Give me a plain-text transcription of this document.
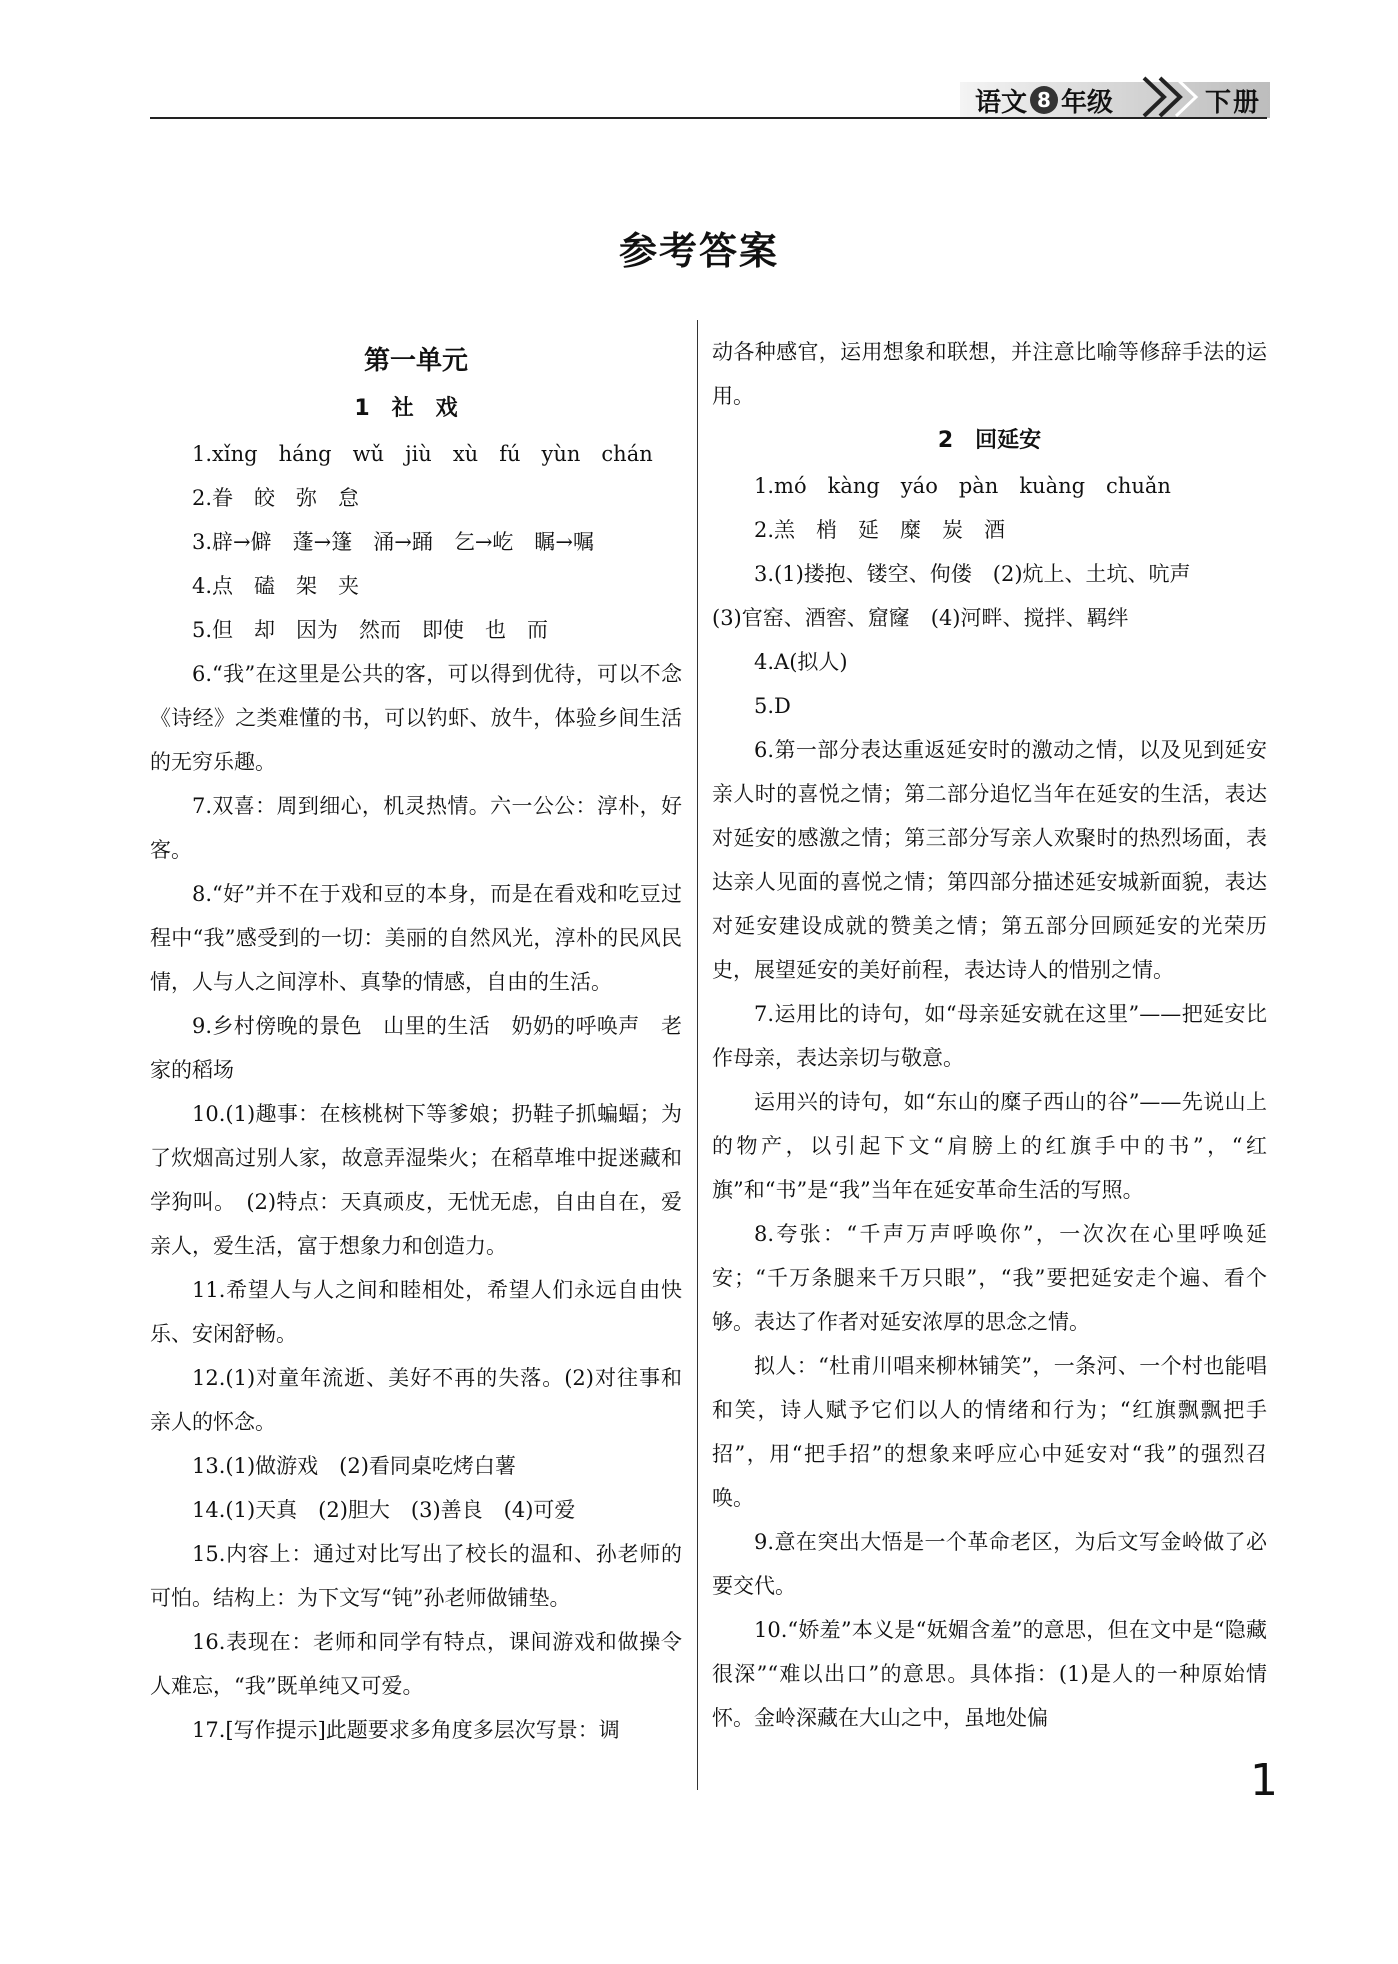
语文 8 年级	下册
参考答案
第一单元
1　社　戏

1.xǐng　háng　wǔ　jiù　xù　fú　yùn　chán

2.眷　皎　弥　怠

3.辟→僻　蓬→篷　涌→踊　乞→屹　瞩→嘱

4.点　磕　架　夹

5.但　却　因为　然而　即使　也　而

6.“我”在这里是公共的客，可以得到优待，可以不念《诗经》之类难懂的书，可以钓虾、放牛，体验乡间生活的无穷乐趣。

7.双喜：周到细心，机灵热情。六一公公：淳朴，好客。

8.“好”并不在于戏和豆的本身，而是在看戏和吃豆过程中“我”感受到的一切：美丽的自然风光，淳朴的民风民情，人与人之间淳朴、真挚的情感，自由的生活。

9.乡村傍晚的景色　山里的生活　奶奶的呼唤声　老家的稻场

10.(1)趣事：在核桃树下等爹娘；扔鞋子抓蝙蝠；为了炊烟高过别人家，故意弄湿柴火；在稻草堆中捉迷藏和学狗叫。　(2)特点：天真顽皮，无忧无虑，自由自在，爱亲人，爱生活，富于想象力和创造力。

11.希望人与人之间和睦相处，希望人们永远自由快乐、安闲舒畅。

12.(1)对童年流逝、美好不再的失落。(2)对往事和亲人的怀念。

13.(1)做游戏　(2)看同桌吃烤白薯

14.(1)天真　(2)胆大　(3)善良　(4)可爱

15.内容上：通过对比写出了校长的温和、孙老师的可怕。结构上：为下文写“钝”孙老师做铺垫。

16.表现在：老师和同学有特点，课间游戏和做操令人难忘，“我”既单纯又可爱。

17.[写作提示]此题要求多角度多层次写景：调

动各种感官，运用想象和联想，并注意比喻等修辞手法的运用。

2　回延安

1.mó　kàng　yáo　pàn　kuàng　chuǎn

2.羔　梢　延　糜　炭　酒

3.(1)搂抱、镂空、佝偻　(2)炕上、土坑、吭声

(3)官窑、酒窖、窟窿　(4)河畔、搅拌、羁绊

4.A(拟人)

5.D

6.第一部分表达重返延安时的激动之情，以及见到延安亲人时的喜悦之情；第二部分追忆当年在延安的生活，表达对延安的感激之情；第三部分写亲人欢聚时的热烈场面，表达亲人见面的喜悦之情；第四部分描述延安城新面貌，表达对延安建设成就的赞美之情；第五部分回顾延安的光荣历史，展望延安的美好前程，表达诗人的惜别之情。

7.运用比的诗句，如“母亲延安就在这里”——把延安比作母亲，表达亲切与敬意。

运用兴的诗句，如“东山的糜子西山的谷”——先说山上的物产，以引起下文“肩膀上的红旗手中的书”，“红旗”和“书”是“我”当年在延安革命生活的写照。

8.夸张：“千声万声呼唤你”，一次次在心里呼唤延安；“千万条腿来千万只眼”，“我”要把延安走个遍、看个够。表达了作者对延安浓厚的思念之情。

拟人：“杜甫川唱来柳林铺笑”，一条河、一个村也能唱和笑，诗人赋予它们以人的情绪和行为；“红旗飘飘把手招”，用“把手招”的想象来呼应心中延安对“我”的强烈召唤。

9.意在突出大悟是一个革命老区，为后文写金岭做了必要交代。

10.“娇羞”本义是“妩媚含羞”的意思，但在文中是“隐藏很深”“难以出口”的意思。具体指：(1)是人的一种原始情怀。金岭深藏在大山之中，虽地处偏

1
